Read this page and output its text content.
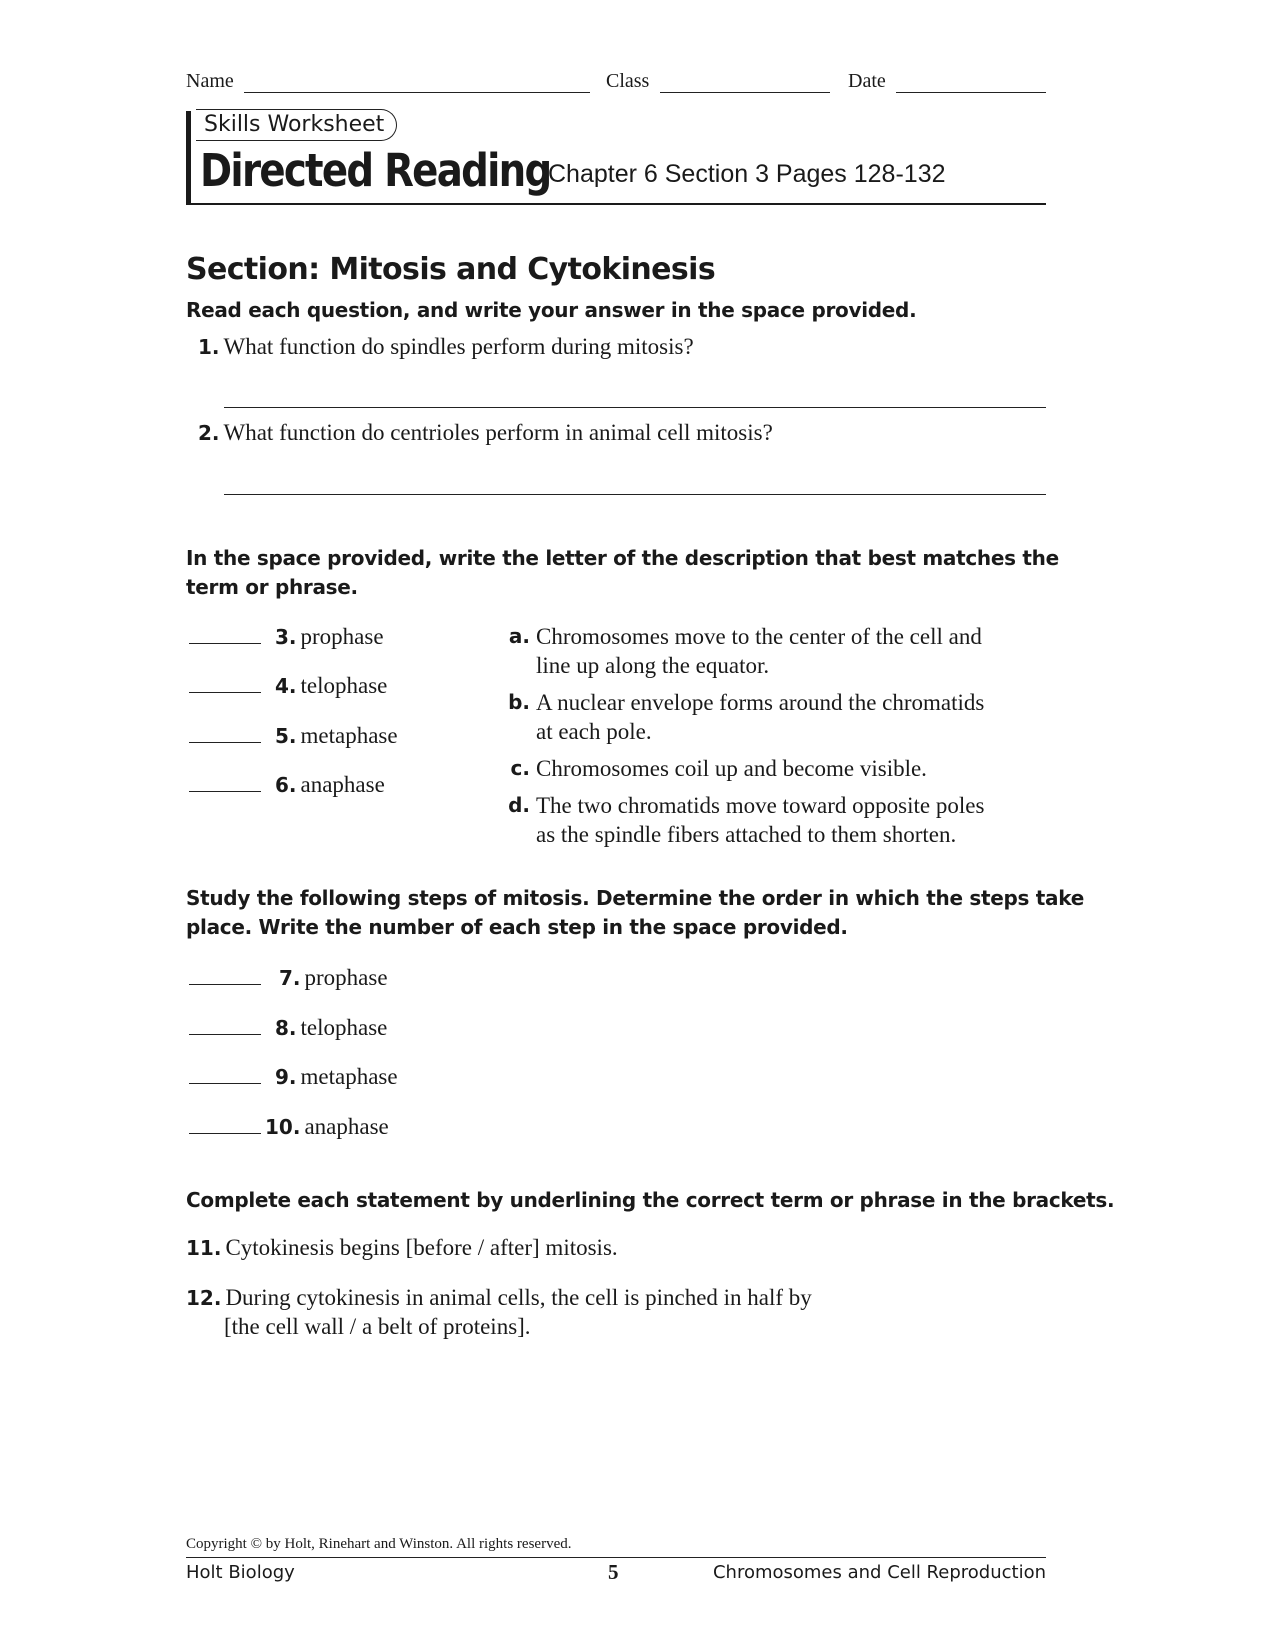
Name	Class	Date
Skills Worksheet
Directed Reading
Chapter 6 Section 3 Pages 128-132
Section: Mitosis and Cytokinesis
Read each question, and write your answer in the space provided.
1. What function do spindles perform during mitosis?
2. What function do centrioles perform in animal cell mitosis?
In the space provided, write the letter of the description that best matches the
term or phrase.
3. prophase
4. telophase
5. metaphase
6. anaphase
a. Chromosomes move to the center of the cell and
line up along the equator.
b. A nuclear envelope forms around the chromatids
at each pole.
c. Chromosomes coil up and become visible.
d. The two chromatids move toward opposite poles
as the spindle fibers attached to them shorten.
Study the following steps of mitosis. Determine the order in which the steps take
place. Write the number of each step in the space provided.
7. prophase
8. telophase
9. metaphase
10. anaphase
Complete each statement by underlining the correct term or phrase in the brackets.
11. Cytokinesis begins [before / after] mitosis.
12. During cytokinesis in animal cells, the cell is pinched in half by
[the cell wall / a belt of proteins].
Copyright © by Holt, Rinehart and Winston. All rights reserved.
Holt Biology	5	Chromosomes and Cell Reproduction
